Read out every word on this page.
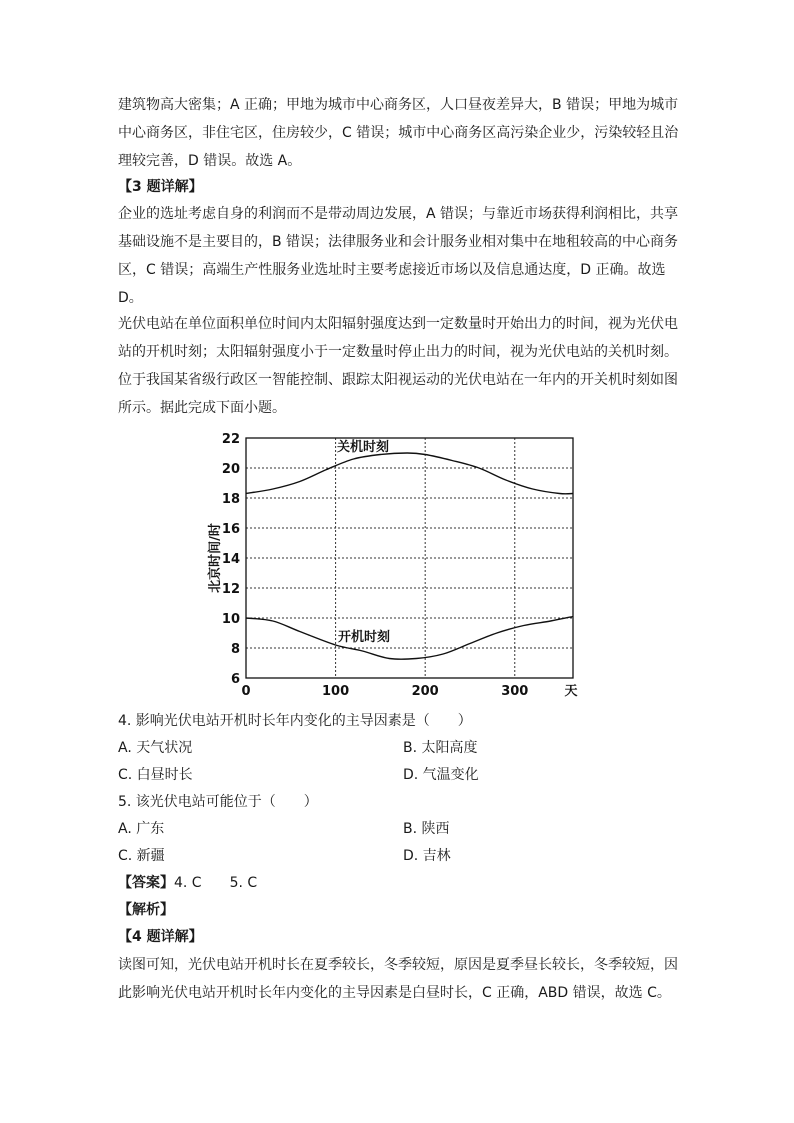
建筑物高大密集；A 正确；甲地为城市中心商务区，人口昼夜差异大，B 错误；甲地为城市
中心商务区，非住宅区，住房较少，C 错误；城市中心商务区高污染企业少，污染较轻且治
理较完善，D 错误。故选 A。
【3 题详解】
企业的选址考虑自身的利润而不是带动周边发展，A 错误；与靠近市场获得利润相比，共享
基础设施不是主要目的，B 错误；法律服务业和会计服务业相对集中在地租较高的中心商务
区，C 错误；高端生产性服务业选址时主要考虑接近市场以及信息通达度，D 正确。故选
D。
光伏电站在单位面积单位时间内太阳辐射强度达到一定数量时开始出力的时间，视为光伏电
站的开机时刻；太阳辐射强度小于一定数量时停止出力的时间，视为光伏电站的关机时刻。
位于我国某省级行政区一智能控制、跟踪太阳视运动的光伏电站在一年内的开关机时刻如图
所示。据此完成下面小题。
6
8
10
12
14
16
18
20
22
0	100	200	300	天
北京时间/时
关机时刻
开机时刻
4. 影响光伏电站开机时长年内变化的主导因素是（　　）
A. 天气状况	B. 太阳高度
C. 白昼时长	D. 气温变化
5. 该光伏电站可能位于（　　）
A. 广东	B. 陕西
C. 新疆	D. 吉林
【答案】4. C　　5. C
【解析】
【4 题详解】
读图可知，光伏电站开机时长在夏季较长，冬季较短，原因是夏季昼长较长，冬季较短，因
此影响光伏电站开机时长年内变化的主导因素是白昼时长，C 正确，ABD 错误，故选 C。
